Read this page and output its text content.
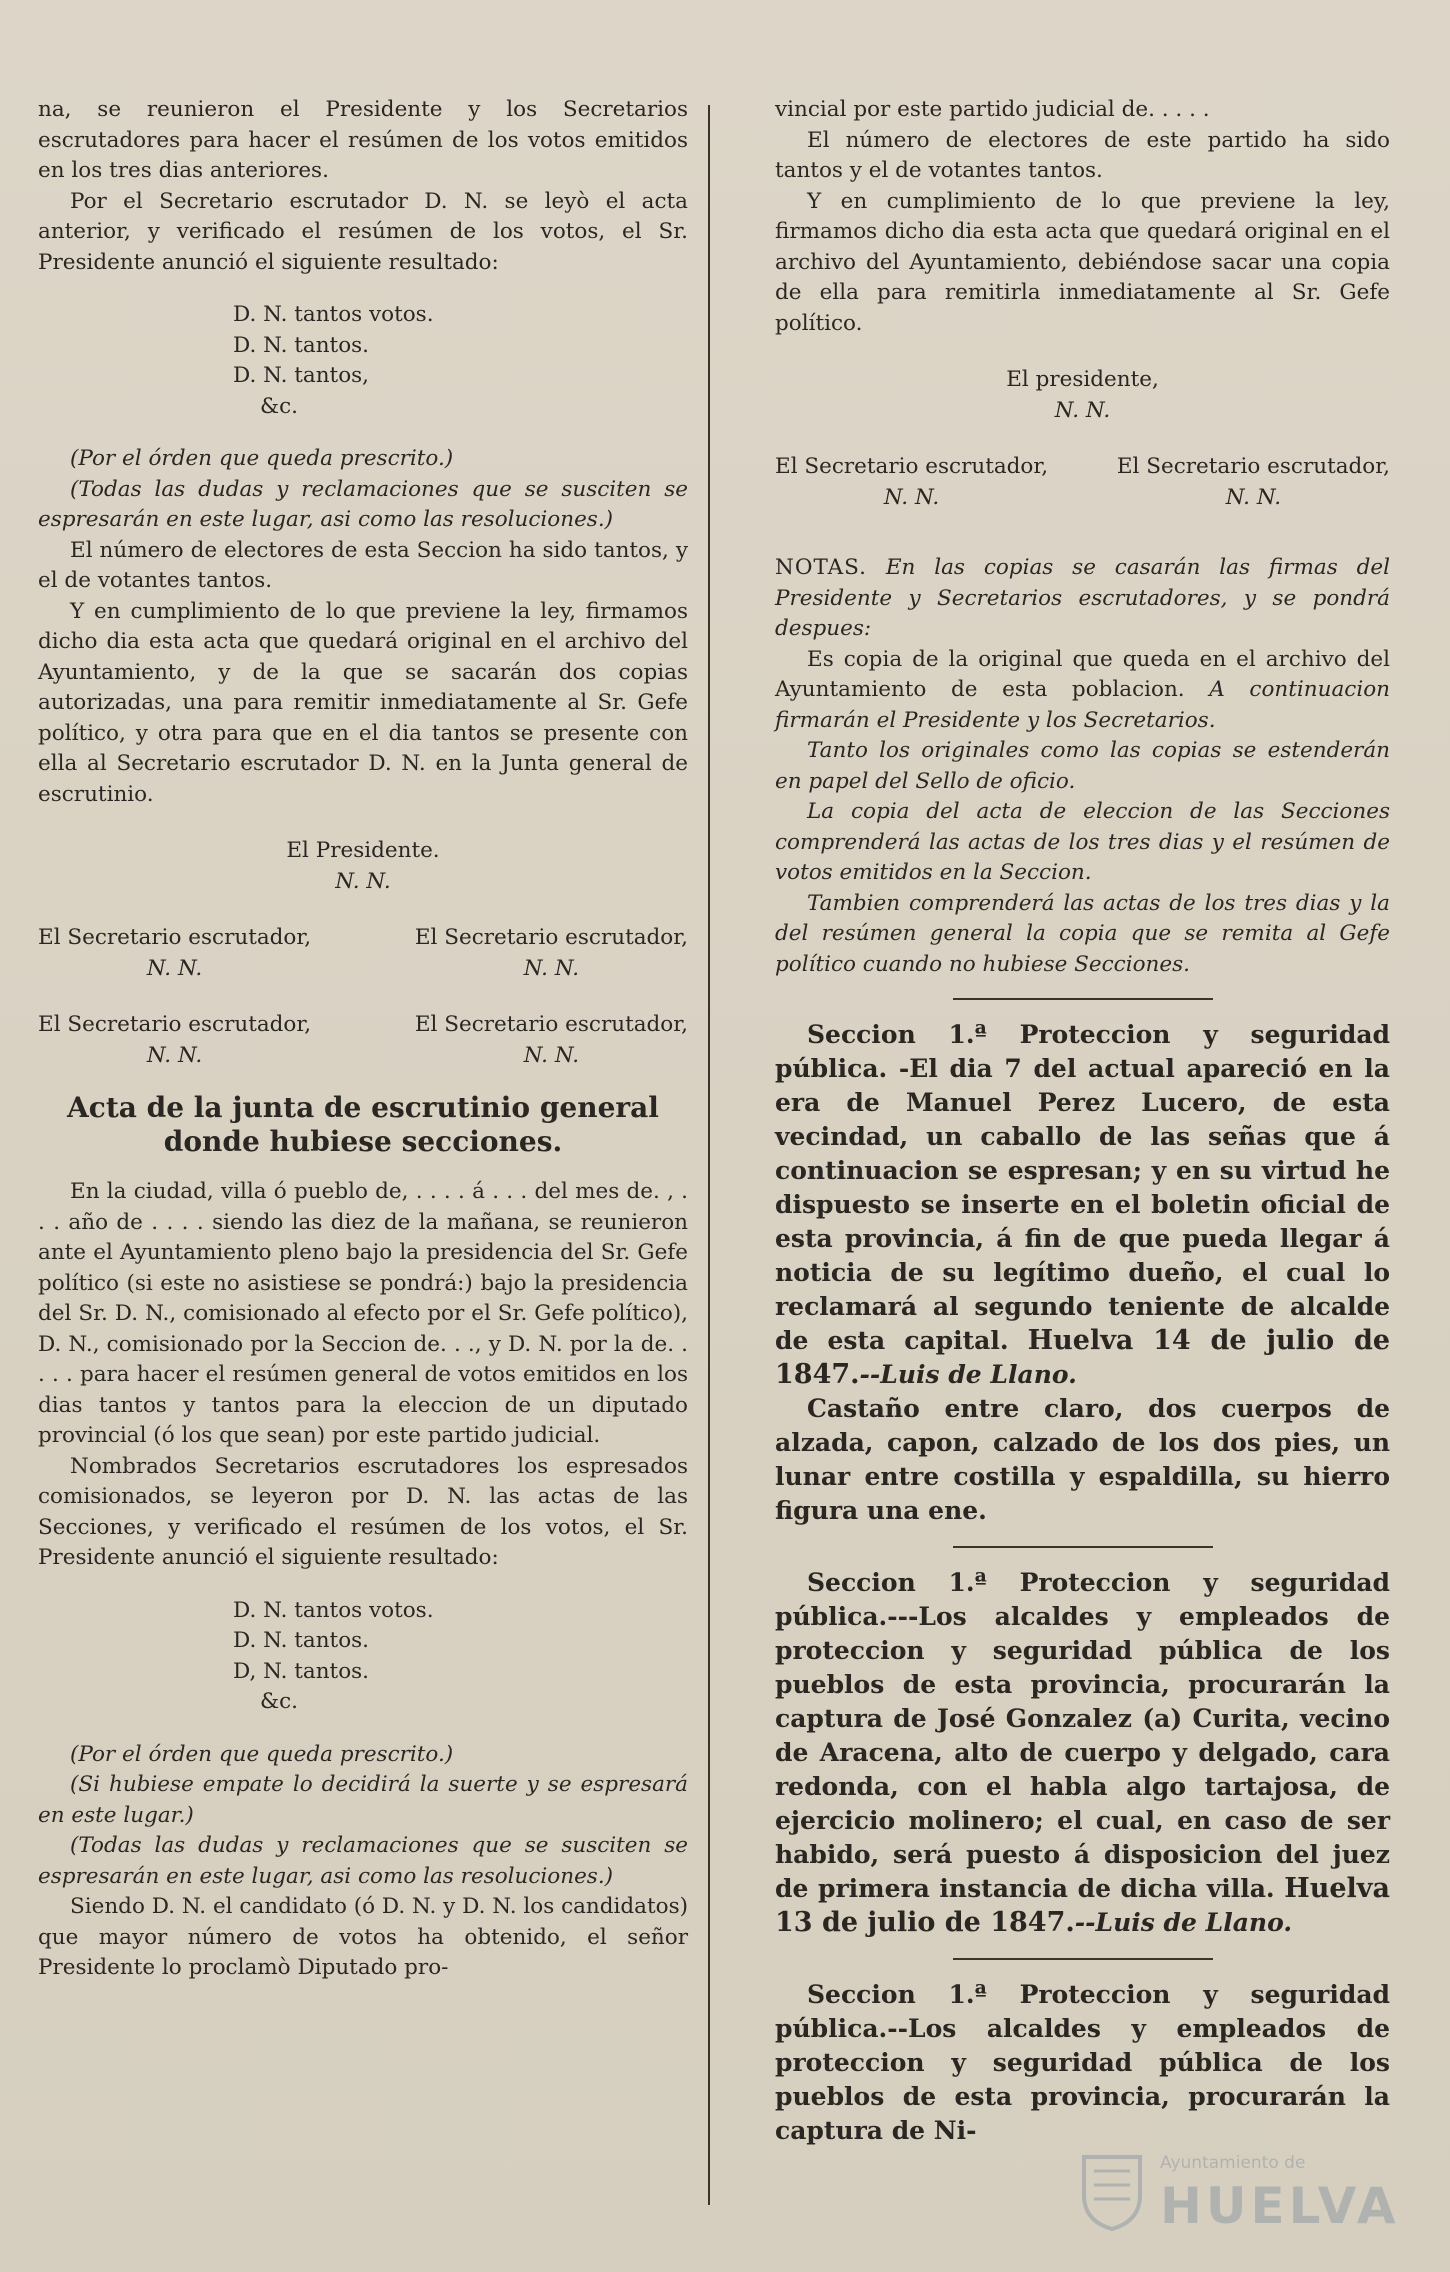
na, se reunieron el Presidente y los Secretarios escrutadores para hacer el resúmen de los votos emitidos en los tres dias anteriores.

Por el Secretario escrutador D. N. se leyò el acta anterior, y verificado el resúmen de los votos, el Sr. Presidente anunció el siguiente resultado:

D. N. tantos votos.

D. N. tantos.

D. N. tantos,

&c.

(Por el órden que queda prescrito.)

(Todas las dudas y reclamaciones que se susciten se espresarán en este lugar, asi como las resoluciones.)

El número de electores de esta Seccion ha sido tantos, y el de votantes tantos.

Y en cumplimiento de lo que previene la ley, firmamos dicho dia esta acta que quedará original en el archivo del Ayuntamiento, y de la que se sacarán dos copias autorizadas, una para remitir inmediatamente al Sr. Gefe político, y otra para que en el dia tantos se presente con ella al Secretario escrutador D. N. en la Junta general de escrutinio.

El Presidente.
N. N.
El Secretario escrutador,
N. N.
El Secretario escrutador,
N. N.
El Secretario escrutador,
N. N.
El Secretario escrutador,
N. N.
Acta de la junta de escrutinio general donde hubiese secciones.

En la ciudad, villa ó pueblo de, . . . . á . . . del mes de. , . . . año de . . . . siendo las diez de la mañana, se reunieron ante el Ayuntamiento pleno bajo la presidencia del Sr. Gefe político (si este no asistiese se pondrá:) bajo la presidencia del Sr. D. N., comisionado al efecto por el Sr. Gefe político), D. N., comisionado por la Seccion de. . ., y D. N. por la de. . . . . para hacer el resúmen general de votos emitidos en los dias tantos y tantos para la eleccion de un diputado provincial (ó los que sean) por este partido judicial.

Nombrados Secretarios escrutadores los espresados comisionados, se leyeron por D. N. las actas de las Secciones, y verificado el resúmen de los votos, el Sr. Presidente anunció el siguiente resultado:

D. N. tantos votos.

D. N. tantos.

D, N. tantos.

&c.

(Por el órden que queda prescrito.)

(Si hubiese empate lo decidirá la suerte y se espresará en este lugar.)

(Todas las dudas y reclamaciones que se susciten se espresarán en este lugar, asi como las resoluciones.)

Siendo D. N. el candidato (ó D. N. y D. N. los candidatos) que mayor número de votos ha obtenido, el señor Presidente lo proclamò Diputado pro-

vincial por este partido judicial de. . . . .

El número de electores de este partido ha sido tantos y el de votantes tantos.

Y en cumplimiento de lo que previene la ley, firmamos dicho dia esta acta que quedará original en el archivo del Ayuntamiento, debiéndose sacar una copia de ella para remitirla inmediatamente al Sr. Gefe político.

El presidente,
N. N.
El Secretario escrutador,
N. N.
El Secretario escrutador,
N. N.

NOTAS. En las copias se casarán las firmas del Presidente y Secretarios escrutadores, y se pondrá despues:

Es copia de la original que queda en el archivo del Ayuntamiento de esta poblacion. A continuacion firmarán el Presidente y los Secretarios.

Tanto los originales como las copias se estenderán en papel del Sello de oficio.

La copia del acta de eleccion de las Secciones comprenderá las actas de los tres dias y el resúmen de votos emitidos en la Seccion.

Tambien comprenderá las actas de los tres dias y la del resúmen general la copia que se remita al Gefe político cuando no hubiese Secciones.

Seccion 1.ª Proteccion y seguridad pública. -El dia 7 del actual apareció en la era de Manuel Perez Lucero, de esta vecindad, un caballo de las señas que á continuacion se espresan; y en su virtud he dispuesto se inserte en el boletin oficial de esta provincia, á fin de que pueda llegar á noticia de su legítimo dueño, el cual lo reclamará al segundo teniente de alcalde de esta capital. Huelva 14 de julio de 1847.--Luis de Llano.

Castaño entre claro, dos cuerpos de alzada, capon, calzado de los dos pies, un lunar entre costilla y espaldilla, su hierro figura una ene.

Seccion 1.ª Proteccion y seguridad pública.---Los alcaldes y empleados de proteccion y seguridad pública de los pueblos de esta provincia, procurarán la captura de José Gonzalez (a) Curita, vecino de Aracena, alto de cuerpo y delgado, cara redonda, con el habla algo tartajosa, de ejercicio molinero; el cual, en caso de ser habido, será puesto á disposicion del juez de primera instancia de dicha villa. Huelva 13 de julio de 1847.--Luis de Llano.

Seccion 1.ª Proteccion y seguridad pública.--Los alcaldes y empleados de proteccion y seguridad pública de los pueblos de esta provincia, procurarán la captura de Ni-

Ayuntamiento de
HUELVA
